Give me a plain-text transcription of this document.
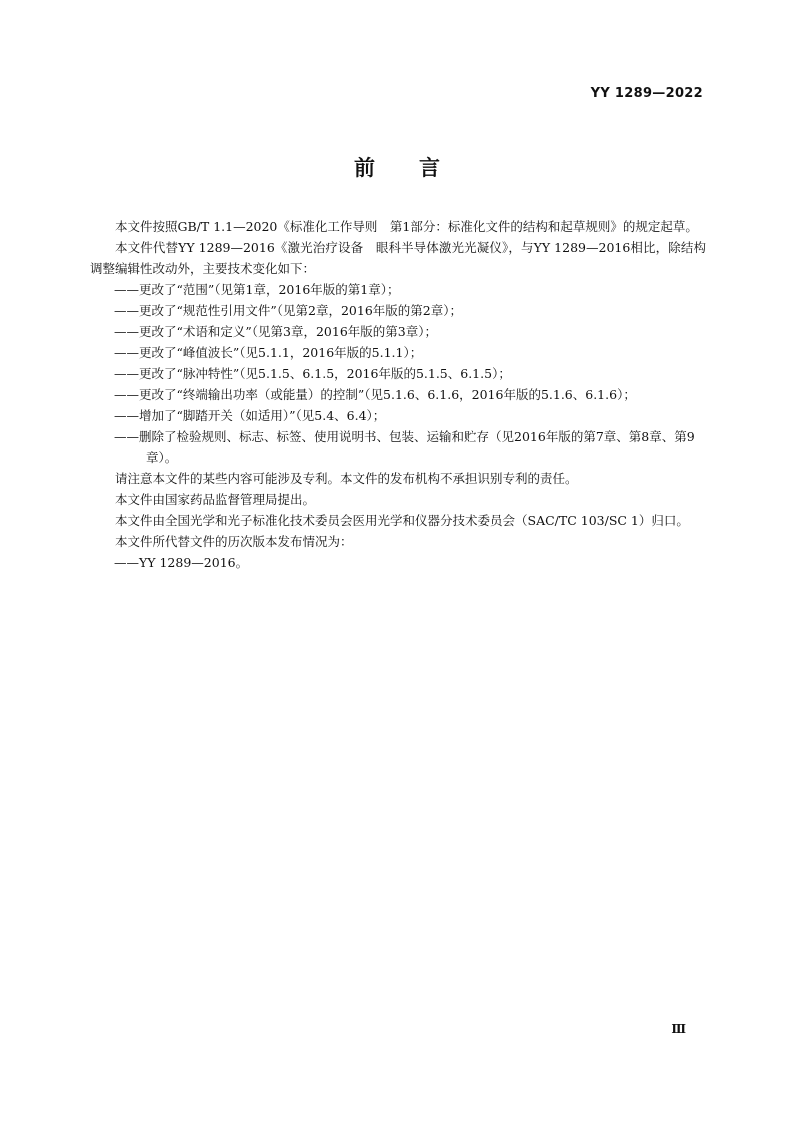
YY 1289—2022
前言

本文件按照GB/T 1.1—2020《标准化工作导则　第1部分：标准化文件的结构和起草规则》的规定起草。

本文件代替YY 1289—2016《激光治疗设备　眼科半导体激光光凝仪》，与YY 1289—2016相比，除结构调整编辑性改动外，主要技术变化如下：

——更改了“范围”（见第1章，2016年版的第1章）；

——更改了“规范性引用文件”（见第2章，2016年版的第2章）；

——更改了“术语和定义”（见第3章，2016年版的第3章）；

——更改了“峰值波长”（见5.1.1，2016年版的5.1.1）；

——更改了“脉冲特性”（见5.1.5、6.1.5，2016年版的5.1.5、6.1.5）；

——更改了“终端输出功率（或能量）的控制”（见5.1.6、6.1.6，2016年版的5.1.6、6.1.6）；

——增加了“脚踏开关（如适用）”（见5.4、6.4）；

——删除了检验规则、标志、标签、使用说明书、包装、运输和贮存（见2016年版的第7章、第8章、第9章）。

请注意本文件的某些内容可能涉及专利。本文件的发布机构不承担识别专利的责任。

本文件由国家药品监督管理局提出。

本文件由全国光学和光子标准化技术委员会医用光学和仪器分技术委员会（SAC/TC 103/SC 1）归口。

本文件所代替文件的历次版本发布情况为：

——YY 1289—2016。

Ⅲ
